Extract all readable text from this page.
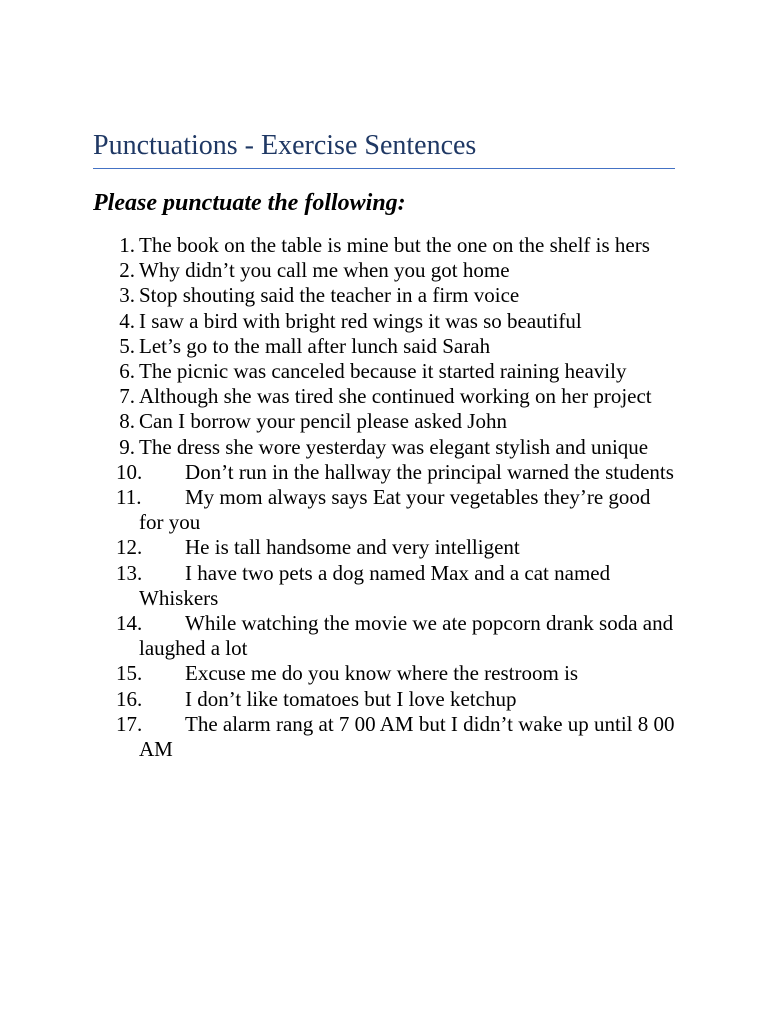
Punctuations - Exercise Sentences
Please punctuate the following:
1. The book on the table is mine but the one on the shelf is hers
2. Why didn’t you call me when you got home
3. Stop shouting said the teacher in a firm voice
4. I saw a bird with bright red wings it was so beautiful
5. Let’s go to the mall after lunch said Sarah
6. The picnic was canceled because it started raining heavily
7. Although she was tired she continued working on her project
8. Can I borrow your pencil please asked John
9. The dress she wore yesterday was elegant stylish and unique
10. Don’t run in the hallway the principal warned the students
11. My mom always says Eat your vegetables they’re good for you
12. He is tall handsome and very intelligent
13. I have two pets a dog named Max and a cat named Whiskers
14. While watching the movie we ate popcorn drank soda and laughed a lot
15. Excuse me do you know where the restroom is
16. I don’t like tomatoes but I love ketchup
17. The alarm rang at 7 00 AM but I didn’t wake up until 8 00 AM
